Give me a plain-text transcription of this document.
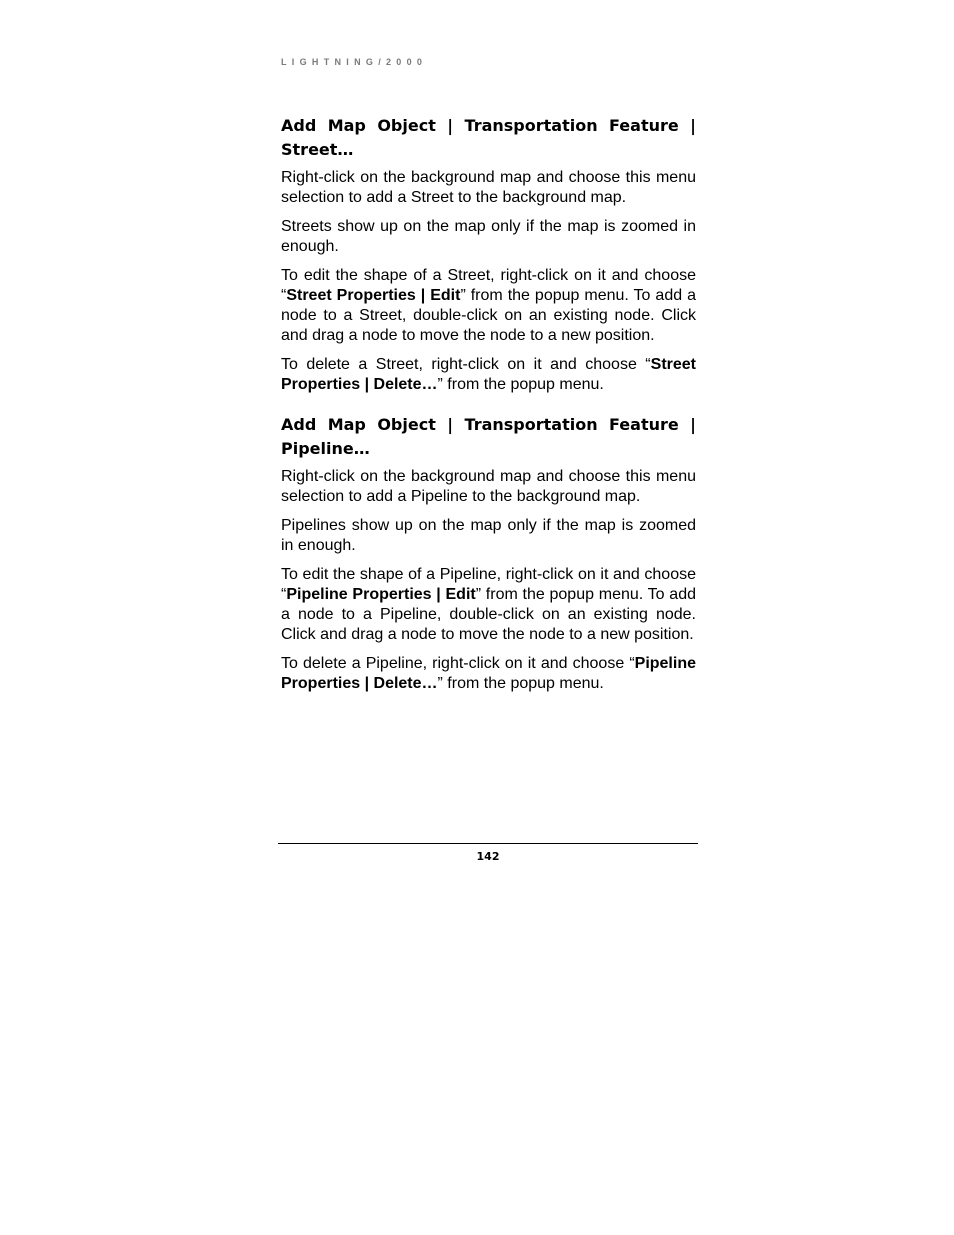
LIGHTNING/2000
Add Map Object | Transportation Feature | Street…

Right-click on the background map and choose this menu selection to add a Street to the background map.

Streets show up on the map only if the map is zoomed in enough.

To edit the shape of a Street, right-click on it and choose “Street Properties | Edit” from the popup menu. To add a node to a Street, double-click on an existing node. Click and drag a node to move the node to a new position.

To delete a Street, right-click on it and choose “Street Properties | Delete…” from the popup menu.

Add Map Object | Transportation Feature | Pipeline…

Right-click on the background map and choose this menu selection to add a Pipeline to the background map.

Pipelines show up on the map only if the map is zoomed in enough.

To edit the shape of a Pipeline, right-click on it and choose “Pipeline Properties | Edit” from the popup menu. To add a node to a Pipeline, double-click on an existing node. Click and drag a node to move the node to a new position.

To delete a Pipeline, right-click on it and choose “Pipeline Properties | Delete…” from the popup menu.

142
